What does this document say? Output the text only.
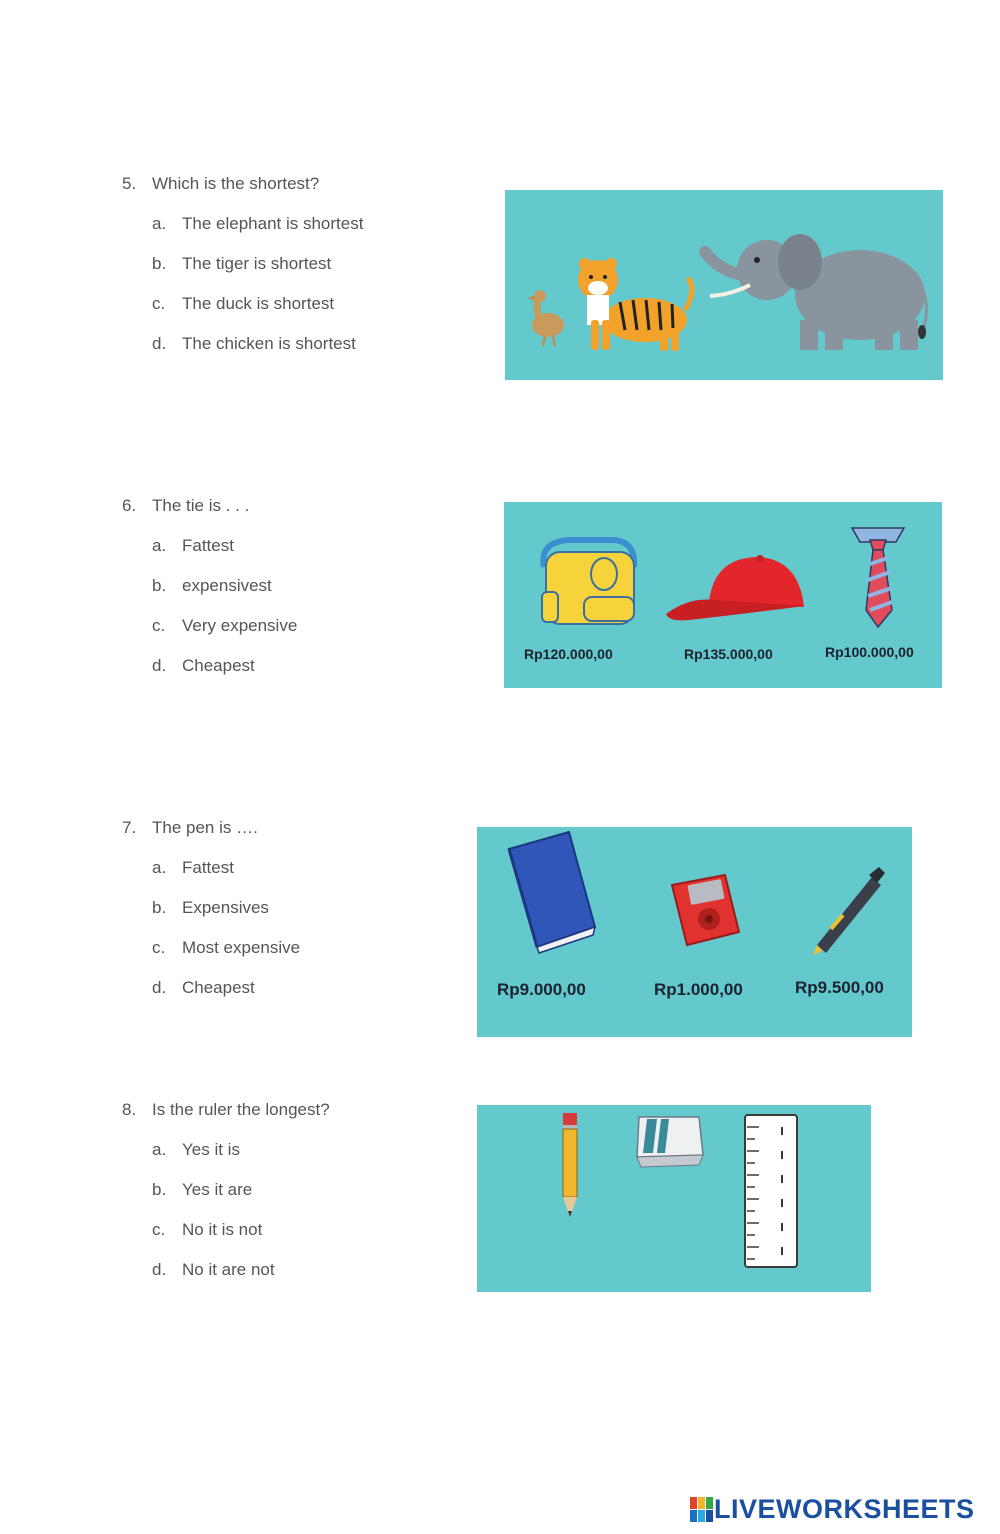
5. Which is the shortest?
a. The elephant is shortest
b. The tiger is shortest
c. The duck is shortest
d. The chicken is shortest
6. The tie is . . .
a. Fattest
b. expensivest
c. Very expensive
d. Cheapest
Rp120.000,00	Rp135.000,00	Rp100.000,00
7. The pen is ….
a. Fattest
b. Expensives
c. Most expensive
d. Cheapest	Rp9.000,00	Rp1.000,00	Rp9.500,00
8. Is the ruler the longest?
a. Yes it is
b. Yes it are
c. No it is not
d. No it are not
LIVEWORKSHEETS
